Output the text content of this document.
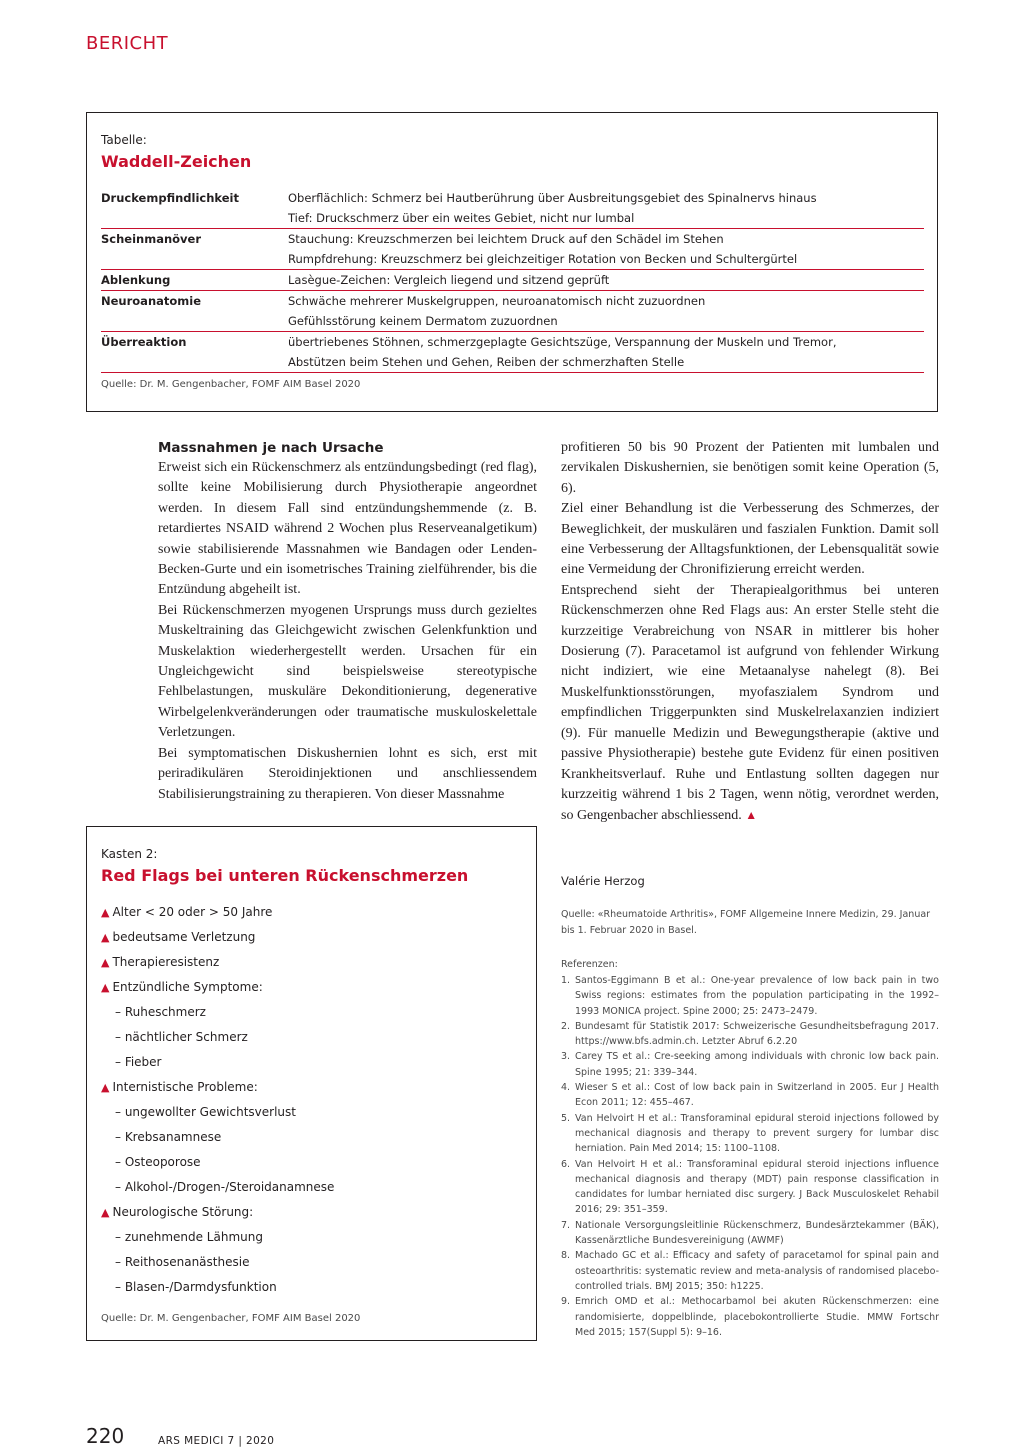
BERICHT
Tabelle:
Waddell-Zeichen
Druckempfindlichkeit	Oberflächlich: Schmerz bei Hautberührung über Ausbreitungsgebiet des Spinalnervs hinaus
Tief: Druckschmerz über ein weites Gebiet, nicht nur lumbal
Scheinmanöver	Stauchung: Kreuzschmerzen bei leichtem Druck auf den Schädel im Stehen
Rumpfdrehung: Kreuzschmerz bei gleichzeitiger Rotation von Becken und Schultergürtel
Ablenkung	Lasègue-Zeichen: Vergleich liegend und sitzend geprüft
Neuroanatomie	Schwäche mehrerer Muskelgruppen, neuroanatomisch nicht zuzuordnen
Gefühlsstörung keinem Dermatom zuzuordnen
Überreaktion	übertriebenes Stöhnen, schmerzgeplagte Gesichtszüge, Verspannung der Muskeln und Tremor,
Abstützen beim Stehen und Gehen, Reiben der schmerzhaften Stelle
Quelle: Dr. M. Gengenbacher, FOMF AIM Basel 2020
Massnahmen je nach Ursache

Erweist sich ein Rückenschmerz als entzündungsbedingt (red flag), sollte keine Mobilisierung durch Physiotherapie angeordnet werden. In diesem Fall sind entzündungshemmende (z. B. retardiertes NSAID während 2 Wochen plus Reserveanalgetikum) sowie stabilisierende Massnahmen wie Bandagen oder Lenden-Becken-Gurte und ein isometrisches Training zielführender, bis die Entzündung abgeheilt ist.

Bei Rückenschmerzen myogenen Ursprungs muss durch gezieltes Muskeltraining das Gleichgewicht zwischen Gelenkfunktion und Muskelaktion wiederhergestellt werden. Ursachen für ein Ungleichgewicht sind beispielsweise stereotypische Fehlbelastungen, muskuläre Dekonditionierung, degenerative Wirbelgelenkveränderungen oder traumatische muskuloskelettale Verletzungen.

Bei symptomatischen Diskushernien lohnt es sich, erst mit periradikulären Steroidinjektionen und anschliessendem Stabilisierungstraining zu therapieren. Von dieser Massnahme

Kasten 2:
Red Flags bei unteren Rückenschmerzen
▲ Alter < 20 oder > 50 Jahre
▲ bedeutsame Verletzung
▲ Therapieresistenz
▲ Entzündliche Symptome:
– Ruheschmerz
– nächtlicher Schmerz
– Fieber
▲ Internistische Probleme:
– ungewollter Gewichtsverlust
– Krebsanamnese
– Osteoporose
– Alkohol-/Drogen-/Steroidanamnese
▲ Neurologische Störung:
– zunehmende Lähmung
– Reithosenanästhesie
– Blasen-/Darmdysfunktion
Quelle: Dr. M. Gengenbacher, FOMF AIM Basel 2020

profitieren 50 bis 90 Prozent der Patienten mit lumbalen und zervikalen Diskushernien, sie benötigen somit keine Operation (5, 6).

Ziel einer Behandlung ist die Verbesserung des Schmerzes, der Beweglichkeit, der muskulären und faszialen Funktion. Damit soll eine Verbesserung der Alltagsfunktionen, der Lebensqualität sowie eine Vermeidung der Chronifizierung erreicht werden.

Entsprechend sieht der Therapiealgorithmus bei unteren Rückenschmerzen ohne Red Flags aus: An erster Stelle steht die kurzzeitige Verabreichung von NSAR in mittlerer bis hoher Dosierung (7). Paracetamol ist aufgrund von fehlender Wirkung nicht indiziert, wie eine Metaanalyse nahelegt (8). Bei Muskelfunktionsstörungen, myofaszialem Syndrom und empfindlichen Triggerpunkten sind Muskelrelaxanzien indiziert (9). Für manuelle Medizin und Bewegungstherapie (aktive und passive Physiotherapie) bestehe gute Evidenz für einen positiven Krankheitsverlauf. Ruhe und Entlastung sollten dagegen nur kurzzeitig während 1 bis 2 Tagen, wenn nötig, verordnet werden, so Gengenbacher abschliessend. ▲

Valérie Herzog
Quelle: «Rheumatoide Arthritis», FOMF Allgemeine Innere Medizin, 29. Januar bis 1. Februar 2020 in Basel.
Referenzen:
1. Santos-Eggimann B et al.: One-year prevalence of low back pain in two Swiss regions: estimates from the population participating in the 1992–1993 MONICA project. Spine 2000; 25: 2473–2479.
2. Bundesamt für Statistik 2017: Schweizerische Gesundheitsbefragung 2017. https://www.bfs.admin.ch. Letzter Abruf 6.2.20
3. Carey TS et al.: Cre-seeking among individuals with chronic low back pain. Spine 1995; 21: 339–344.
4. Wieser S et al.: Cost of low back pain in Switzerland in 2005. Eur J Health Econ 2011; 12: 455–467.
5. Van Helvoirt H et al.: Transforaminal epidural steroid injections followed by mechanical diagnosis and therapy to prevent surgery for lumbar disc herniation. Pain Med 2014; 15: 1100–1108.
6. Van Helvoirt H et al.: Transforaminal epidural steroid injections influence mechanical diagnosis and therapy (MDT) pain response classification in candidates for lumbar herniated disc surgery. J Back Musculoskelet Rehabil 2016; 29: 351–359.
7. Nationale Versorgungsleitlinie Rückenschmerz, Bundesärztekammer (BÄK), Kassenärztliche Bundesvereinigung (AWMF)
8. Machado GC et al.: Efficacy and safety of paracetamol for spinal pain and osteoarthritis: systematic review and meta-analysis of randomised placebo-controlled trials. BMJ 2015; 350: h1225.
9. Emrich OMD et al.: Methocarbamol bei akuten Rückenschmerzen: eine randomisierte, doppelblinde, placebokontrollierte Studie. MMW Fortschr Med 2015; 157(Suppl 5): 9–16.
220	ARS MEDICI 7 | 2020
